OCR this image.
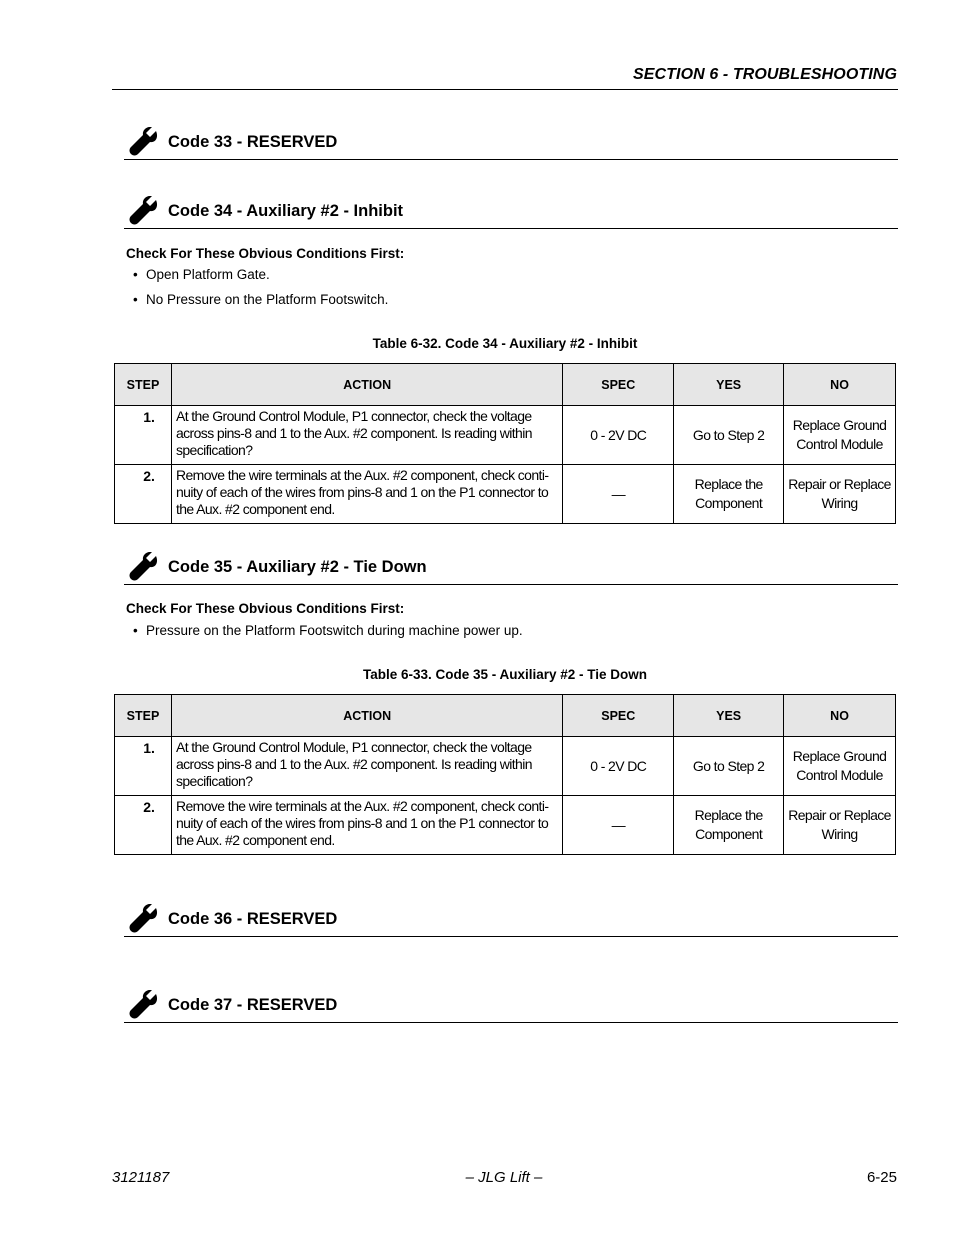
SECTION 6 - TROUBLESHOOTING
Code 33 - RESERVED
Code 34 - Auxiliary #2 - Inhibit
Check For These Obvious Conditions First:
• Open Platform Gate.
• No Pressure on the Platform Footswitch.
Table 6-32. Code 34 - Auxiliary #2 - Inhibit
STEP	ACTION	SPEC	YES	NO
1.	At the Ground Control Module, P1 connector, check the voltage across pins-8 and 1 to the Aux. #2 component. Is reading within specification?	0 - 2V DC	Go to Step 2	Replace Ground Control Module
2.	Remove the wire terminals at the Aux. #2 component, check conti-nuity of each of the wires from pins-8 and 1 on the P1 connector to the Aux. #2 component end.	—	Replace the Component	Repair or Replace Wiring
Code 35 - Auxiliary #2 - Tie Down
Check For These Obvious Conditions First:
• Pressure on the Platform Footswitch during machine power up.
Table 6-33. Code 35 - Auxiliary #2 - Tie Down
STEP	ACTION	SPEC	YES	NO
1.	At the Ground Control Module, P1 connector, check the voltage across pins-8 and 1 to the Aux. #2 component. Is reading within specification?	0 - 2V DC	Go to Step 2	Replace Ground Control Module
2.	Remove the wire terminals at the Aux. #2 component, check conti-nuity of each of the wires from pins-8 and 1 on the P1 connector to the Aux. #2 component end.	—	Replace the Component	Repair or Replace Wiring
Code 36 - RESERVED
Code 37 - RESERVED
3121187	– JLG Lift –	6-25
